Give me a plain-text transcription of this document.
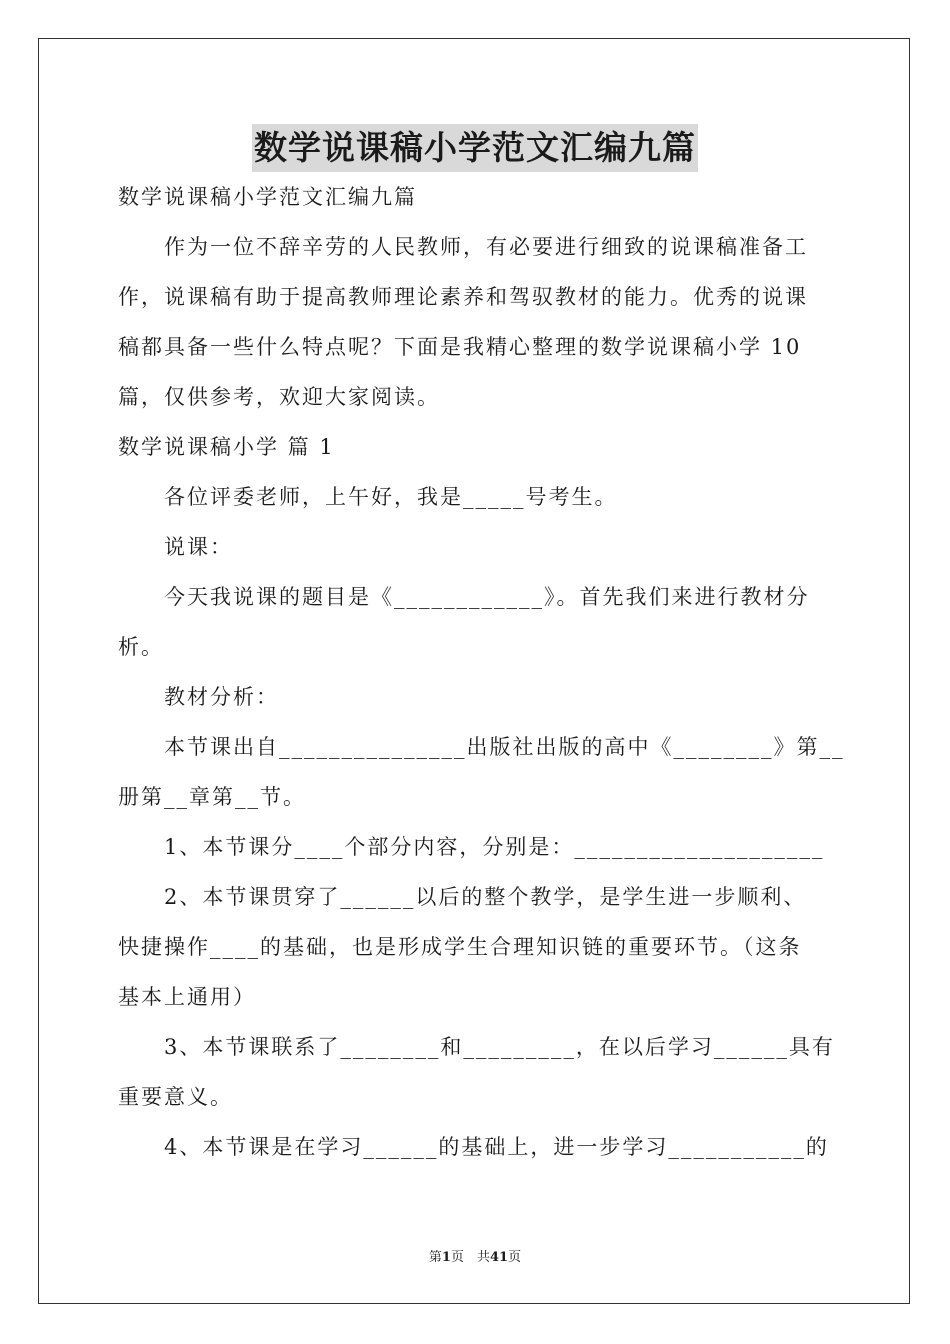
数学说课稿小学范文汇编九篇
数学说课稿小学范文汇编九篇
作为一位不辞辛劳的人民教师，有必要进行细致的说课稿准备工
作，说课稿有助于提高教师理论素养和驾驭教材的能力。优秀的说课
稿都具备一些什么特点呢？下面是我精心整理的数学说课稿小学 10
篇，仅供参考，欢迎大家阅读。
数学说课稿小学 篇 1
各位评委老师，上午好，我是_____号考生。
说课：
今天我说课的题目是《____________》。首先我们来进行教材分
析。
教材分析：
本节课出自_______________出版社出版的高中《________》第__
册第__章第__节。
1、本节课分____个部分内容，分别是：____________________
2、本节课贯穿了______以后的整个教学，是学生进一步顺利、
快捷操作____的基础，也是形成学生合理知识链的重要环节。（这条
基本上通用）
3、本节课联系了________和_________，在以后学习______具有
重要意义。
4、本节课是在学习______的基础上，进一步学习___________的
第1页　共41页
